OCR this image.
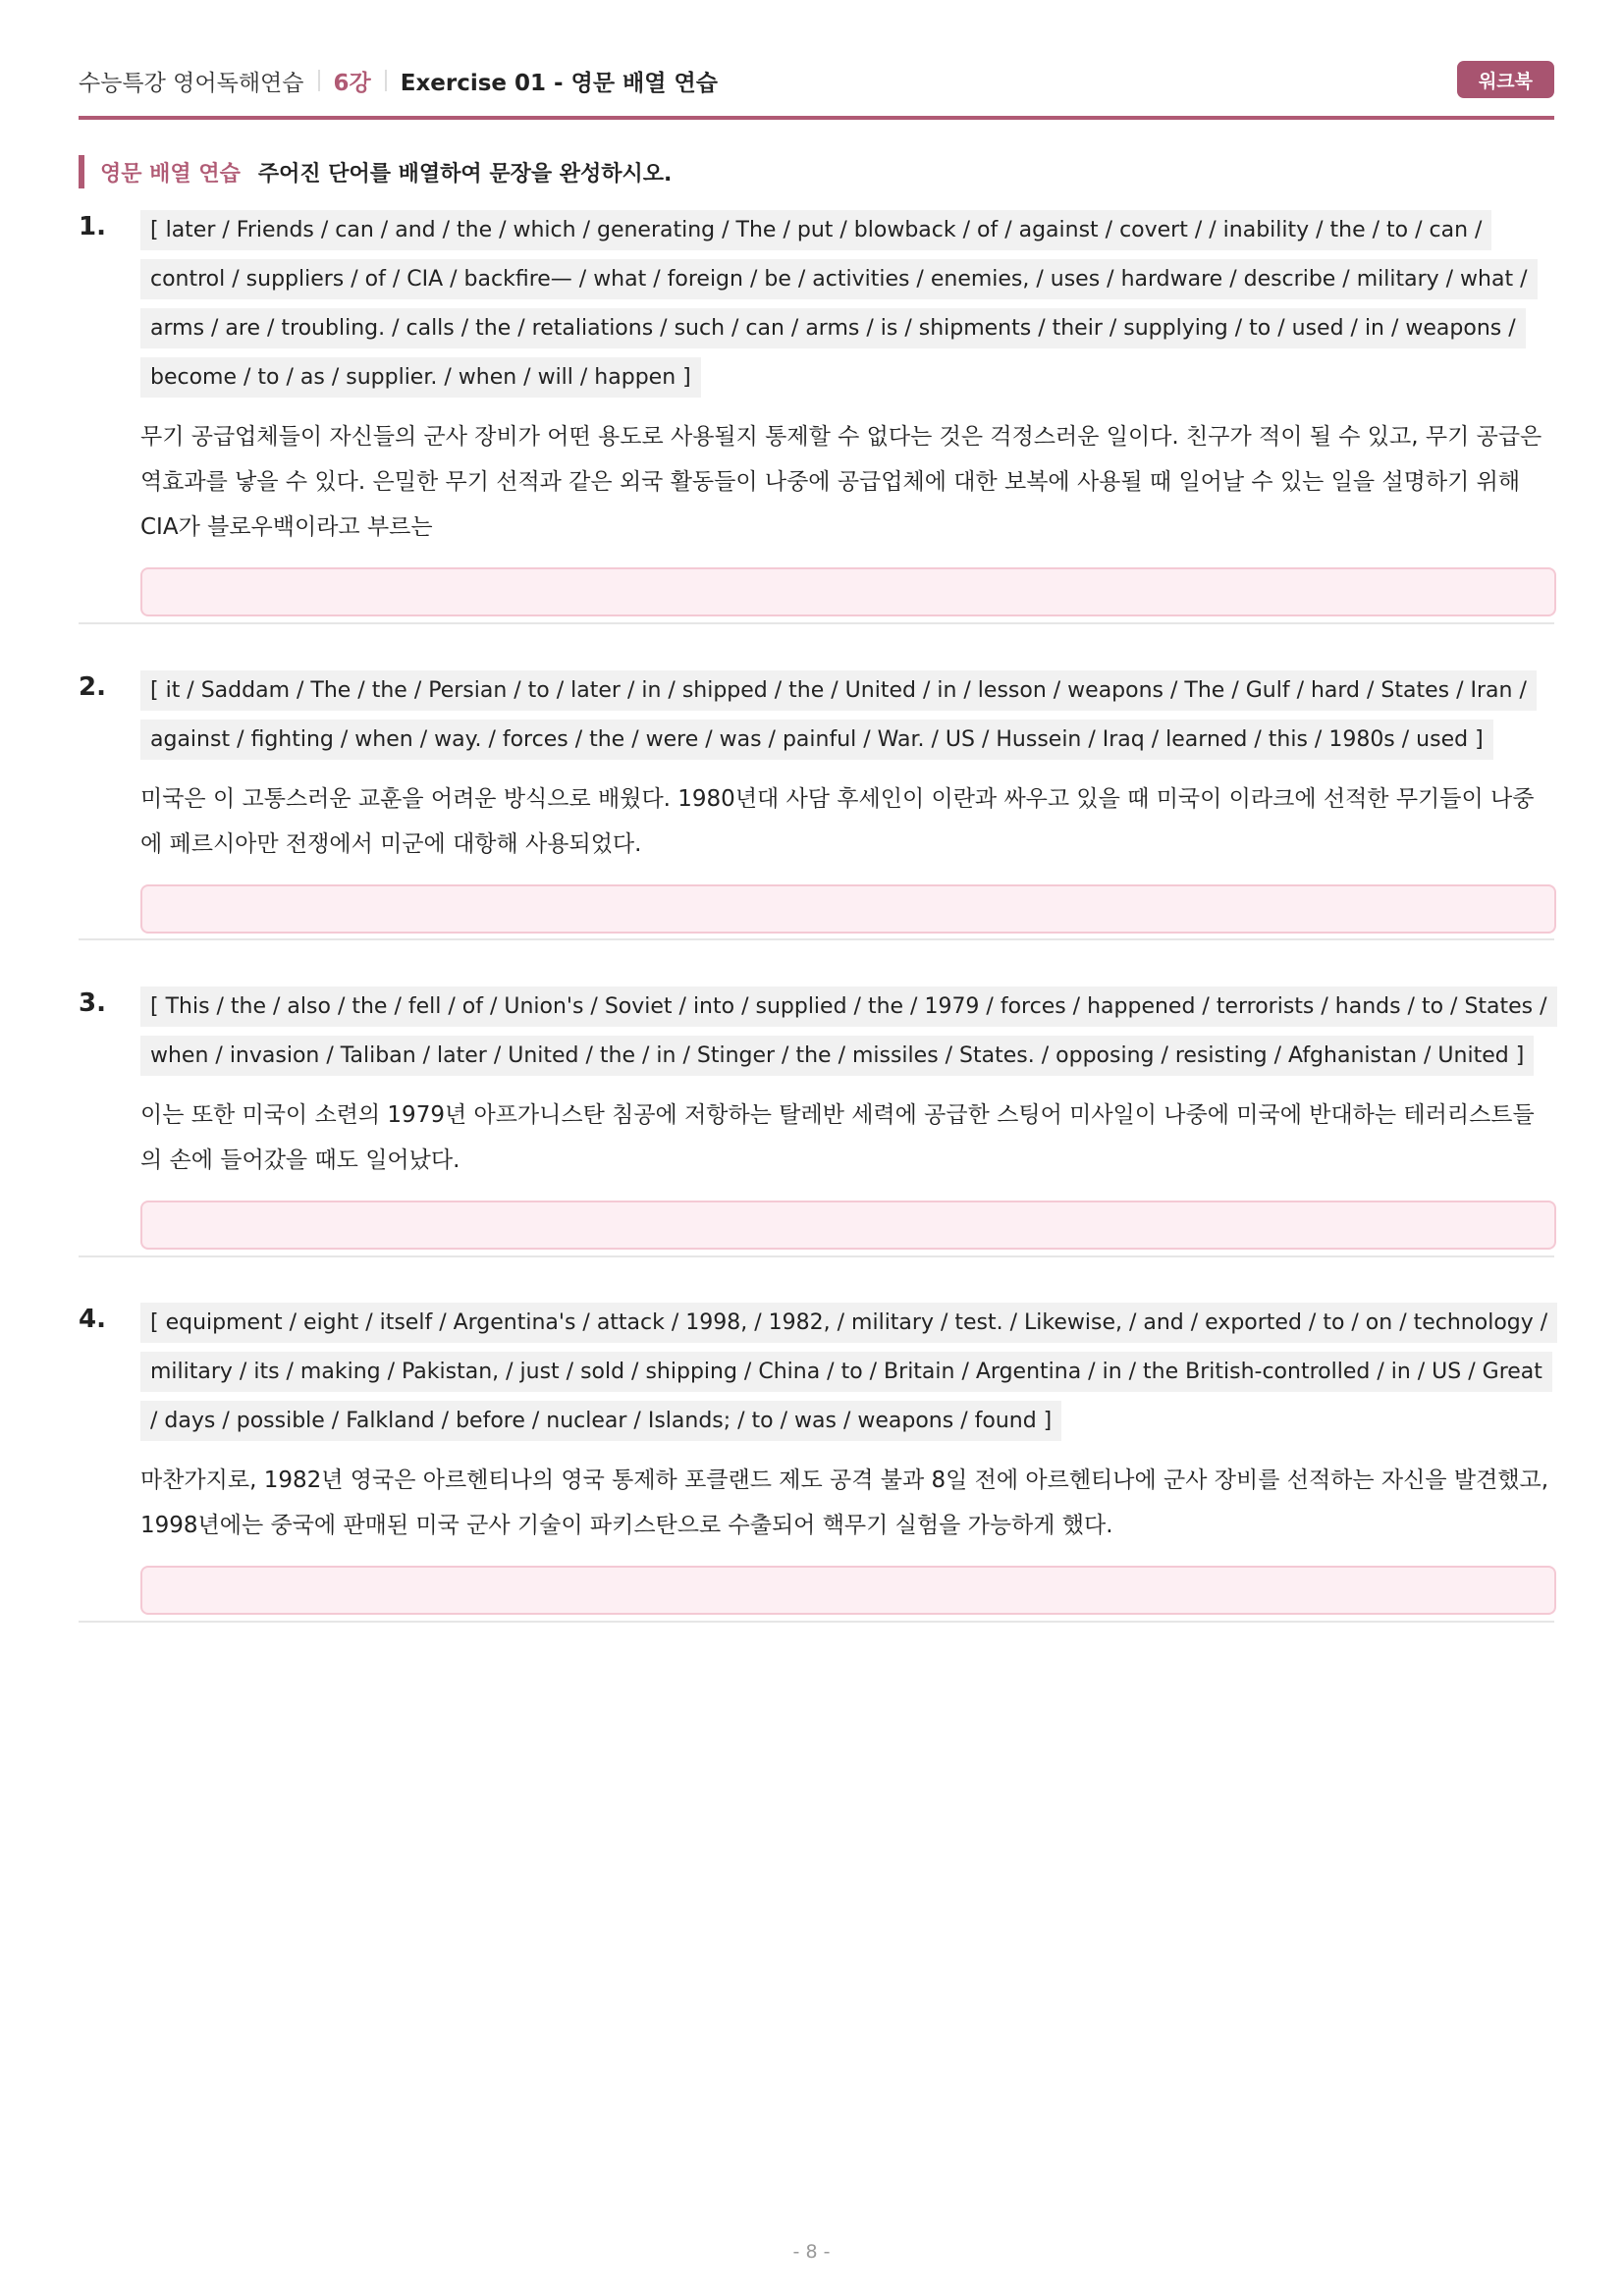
수능특강 영어독해연습 6강 Exercise 01 - 영문 배열 연습	워크북
영문 배열 연습 주어진 단어를 배열하여 문장을 완성하시오.
1.	[ later / Friends / can / and / the / which / generating / The / put / blowback / of / against / covert / / inability / the / to / can / control / suppliers / of / CIA / backfire— / what / foreign / be / activities / enemies, / uses / hardware / describe / military / what / arms / are / troubling. / calls / the / retaliations / such / can / arms / is / shipments / their / supplying / to / used / in / weapons / become / to / as / supplier. / when / will / happen ]

무기 공급업체들이 자신들의 군사 장비가 어떤 용도로 사용될지 통제할 수 없다는 것은 걱정스러운 일이다. 친구가 적이 될 수 있고, 무기 공급은 역효과를 낳을 수 있다. 은밀한 무기 선적과 같은 외국 활동들이 나중에 공급업체에 대한 보복에 사용될 때 일어날 수 있는 일을 설명하기 위해 CIA가 블로우백이라고 부르는
2.	[ it / Saddam / The / the / Persian / to / later / in / shipped / the / United / in / lesson / weapons / The / Gulf / hard / States / Iran / against / fighting / when / way. / forces / the / were / was / painful / War. / US / Hussein / Iraq / learned / this / 1980s / used ]

미국은 이 고통스러운 교훈을 어려운 방식으로 배웠다. 1980년대 사담 후세인이 이란과 싸우고 있을 때 미국이 이라크에 선적한 무기들이 나중에 페르시아만 전쟁에서 미군에 대항해 사용되었다.
3.	[ This / the / also / the / fell / of / Union's / Soviet / into / supplied / the / 1979 / forces / happened / terrorists / hands / to / States / when / invasion / Taliban / later / United / the / in / Stinger / the / missiles / States. / opposing / resisting / Afghanistan / United ]

이는 또한 미국이 소련의 1979년 아프가니스탄 침공에 저항하는 탈레반 세력에 공급한 스팅어 미사일이 나중에 미국에 반대하는 테러리스트들의 손에 들어갔을 때도 일어났다.
4.	[ equipment / eight / itself / Argentina's / attack / 1998, / 1982, / military / test. / Likewise, / and / exported / to / on / technology / military / its / making / Pakistan, / just / sold / shipping / China / to / Britain / Argentina / in / the British-controlled / in / US / Great / days / possible / Falkland / before / nuclear / Islands; / to / was / weapons / found ]

마찬가지로, 1982년 영국은 아르헨티나의 영국 통제하 포클랜드 제도 공격 불과 8일 전에 아르헨티나에 군사 장비를 선적하는 자신을 발견했고, 1998년에는 중국에 판매된 미국 군사 기술이 파키스탄으로 수출되어 핵무기 실험을 가능하게 했다.
- 8 -
